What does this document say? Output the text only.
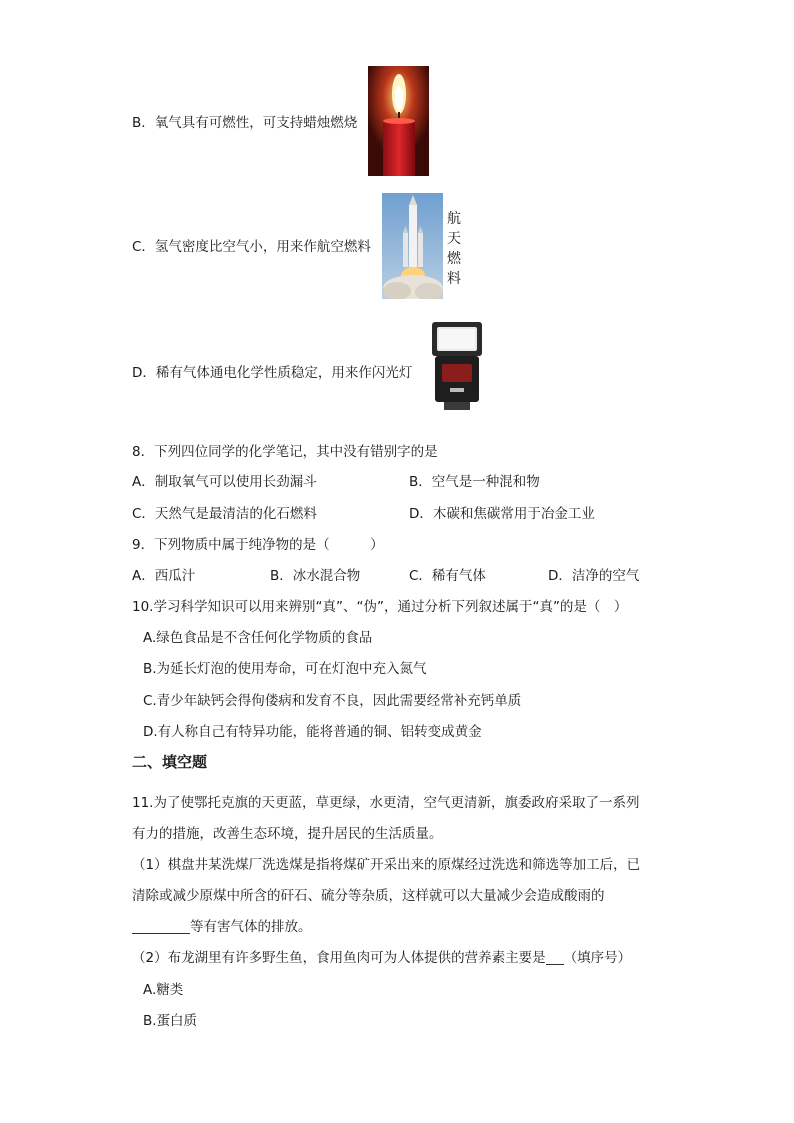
B．氧气具有可燃性，可支持蜡烛燃烧
C．氢气密度比空气小，用来作航空燃料
航
天
燃
料
D．稀有气体通电化学性质稳定，用来作闪光灯
8．下列四位同学的化学笔记，其中没有错别字的是
A．制取氧气可以使用长劲漏斗	B．空气是一种混和物
C．天然气是最清洁的化石燃料	D．木碳和焦碳常用于冶金工业
9．下列物质中属于纯净物的是（　　　）
A．西瓜汁	B．冰水混合物	C．稀有气体	D．洁净的空气
10.学习科学知识可以用来辨别“真”、“伪”，通过分析下列叙述属于“真”的是（　）
A.绿色食品是不含任何化学物质的食品
B.为延长灯泡的使用寿命，可在灯泡中充入氮气
C.青少年缺钙会得佝偻病和发育不良，因此需要经常补充钙单质
D.有人称自己有特异功能，能将普通的铜、铝转变成黄金
二、填空题
11.为了使鄂托克旗的天更蓝，草更绿，水更清，空气更清新，旗委政府采取了一系列
有力的措施，改善生态环境，提升居民的生活质量。
（1）棋盘井某洗煤厂洗选煤是指将煤矿开采出来的原煤经过洗选和筛选等加工后，已
清除或减少原煤中所含的矸石、硫分等杂质，这样就可以大量减少会造成酸雨的
等有害气体的排放。
（2）布龙湖里有许多野生鱼，食用鱼肉可为人体提供的营养素主要是 （填序号）
A.糖类
B.蛋白质
